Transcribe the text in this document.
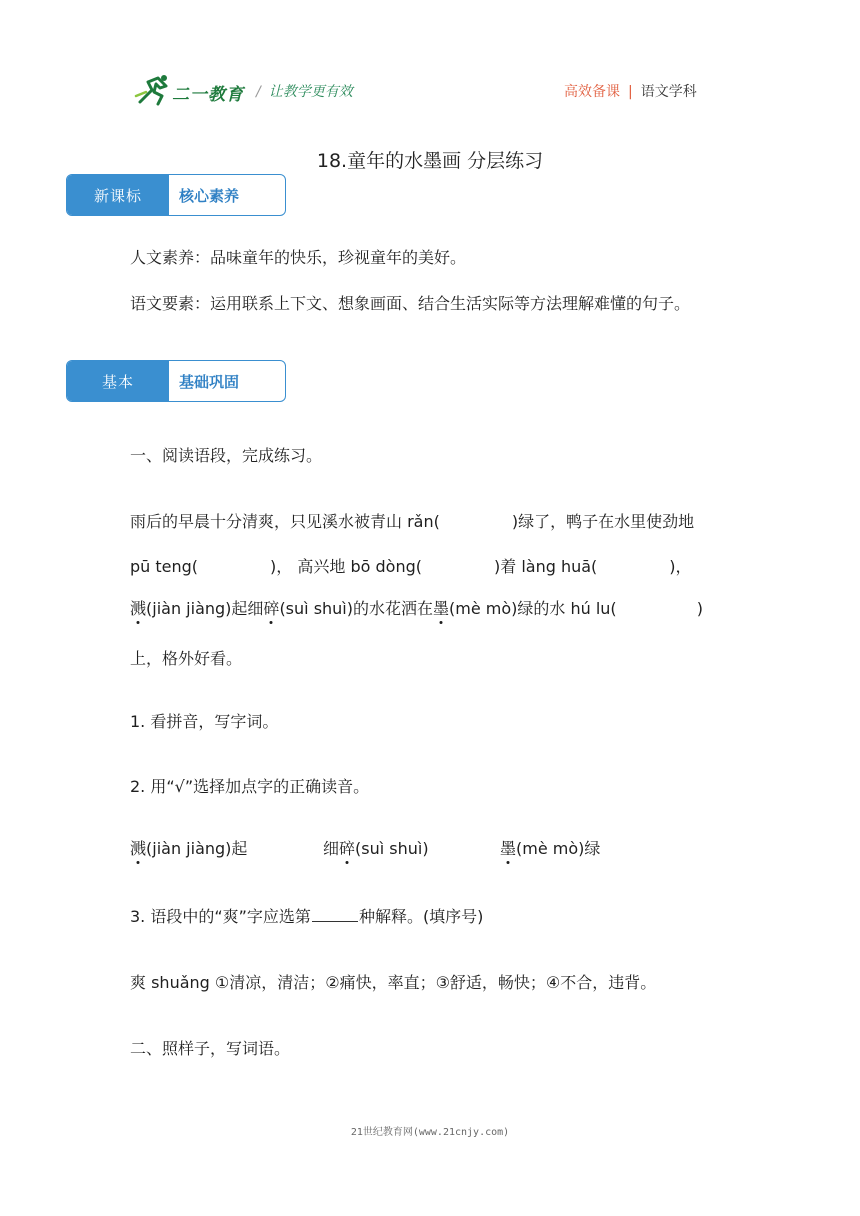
二一教育 / 让教学更有效	高效备课 | 语文学科
18.童年的水墨画 分层练习
新课标	核心素养
人文素养：品味童年的快乐，珍视童年的美好。
语文要素：运用联系上下文、想象画面、结合生活实际等方法理解难懂的句子。
基本	基础巩固
一、阅读语段，完成练习。
雨后的早晨十分清爽，只见溪水被青山 rǎn(	)绿了，鸭子在水里使劲地
pū teng(	)， 高兴地 bō dòng(	)着 làng huā(	)，
溅(jiàn jiàng)起细碎(suì shuì)的水花洒在墨(mè mò)绿的水 hú lu(	)
上，格外好看。
1. 看拼音，写字词。
2. 用“√”选择加点字的正确读音。
溅(jiàn jiàng)起	细碎(suì shuì)	墨(mè mò)绿
3. 语段中的“爽”字应选第	种解释。(填序号)
爽 shuǎng ①清凉，清洁；②痛快，率直；③舒适，畅快；④不合，违背。
二、照样子，写词语。
21世纪教育网(www.21cnjy.com)
